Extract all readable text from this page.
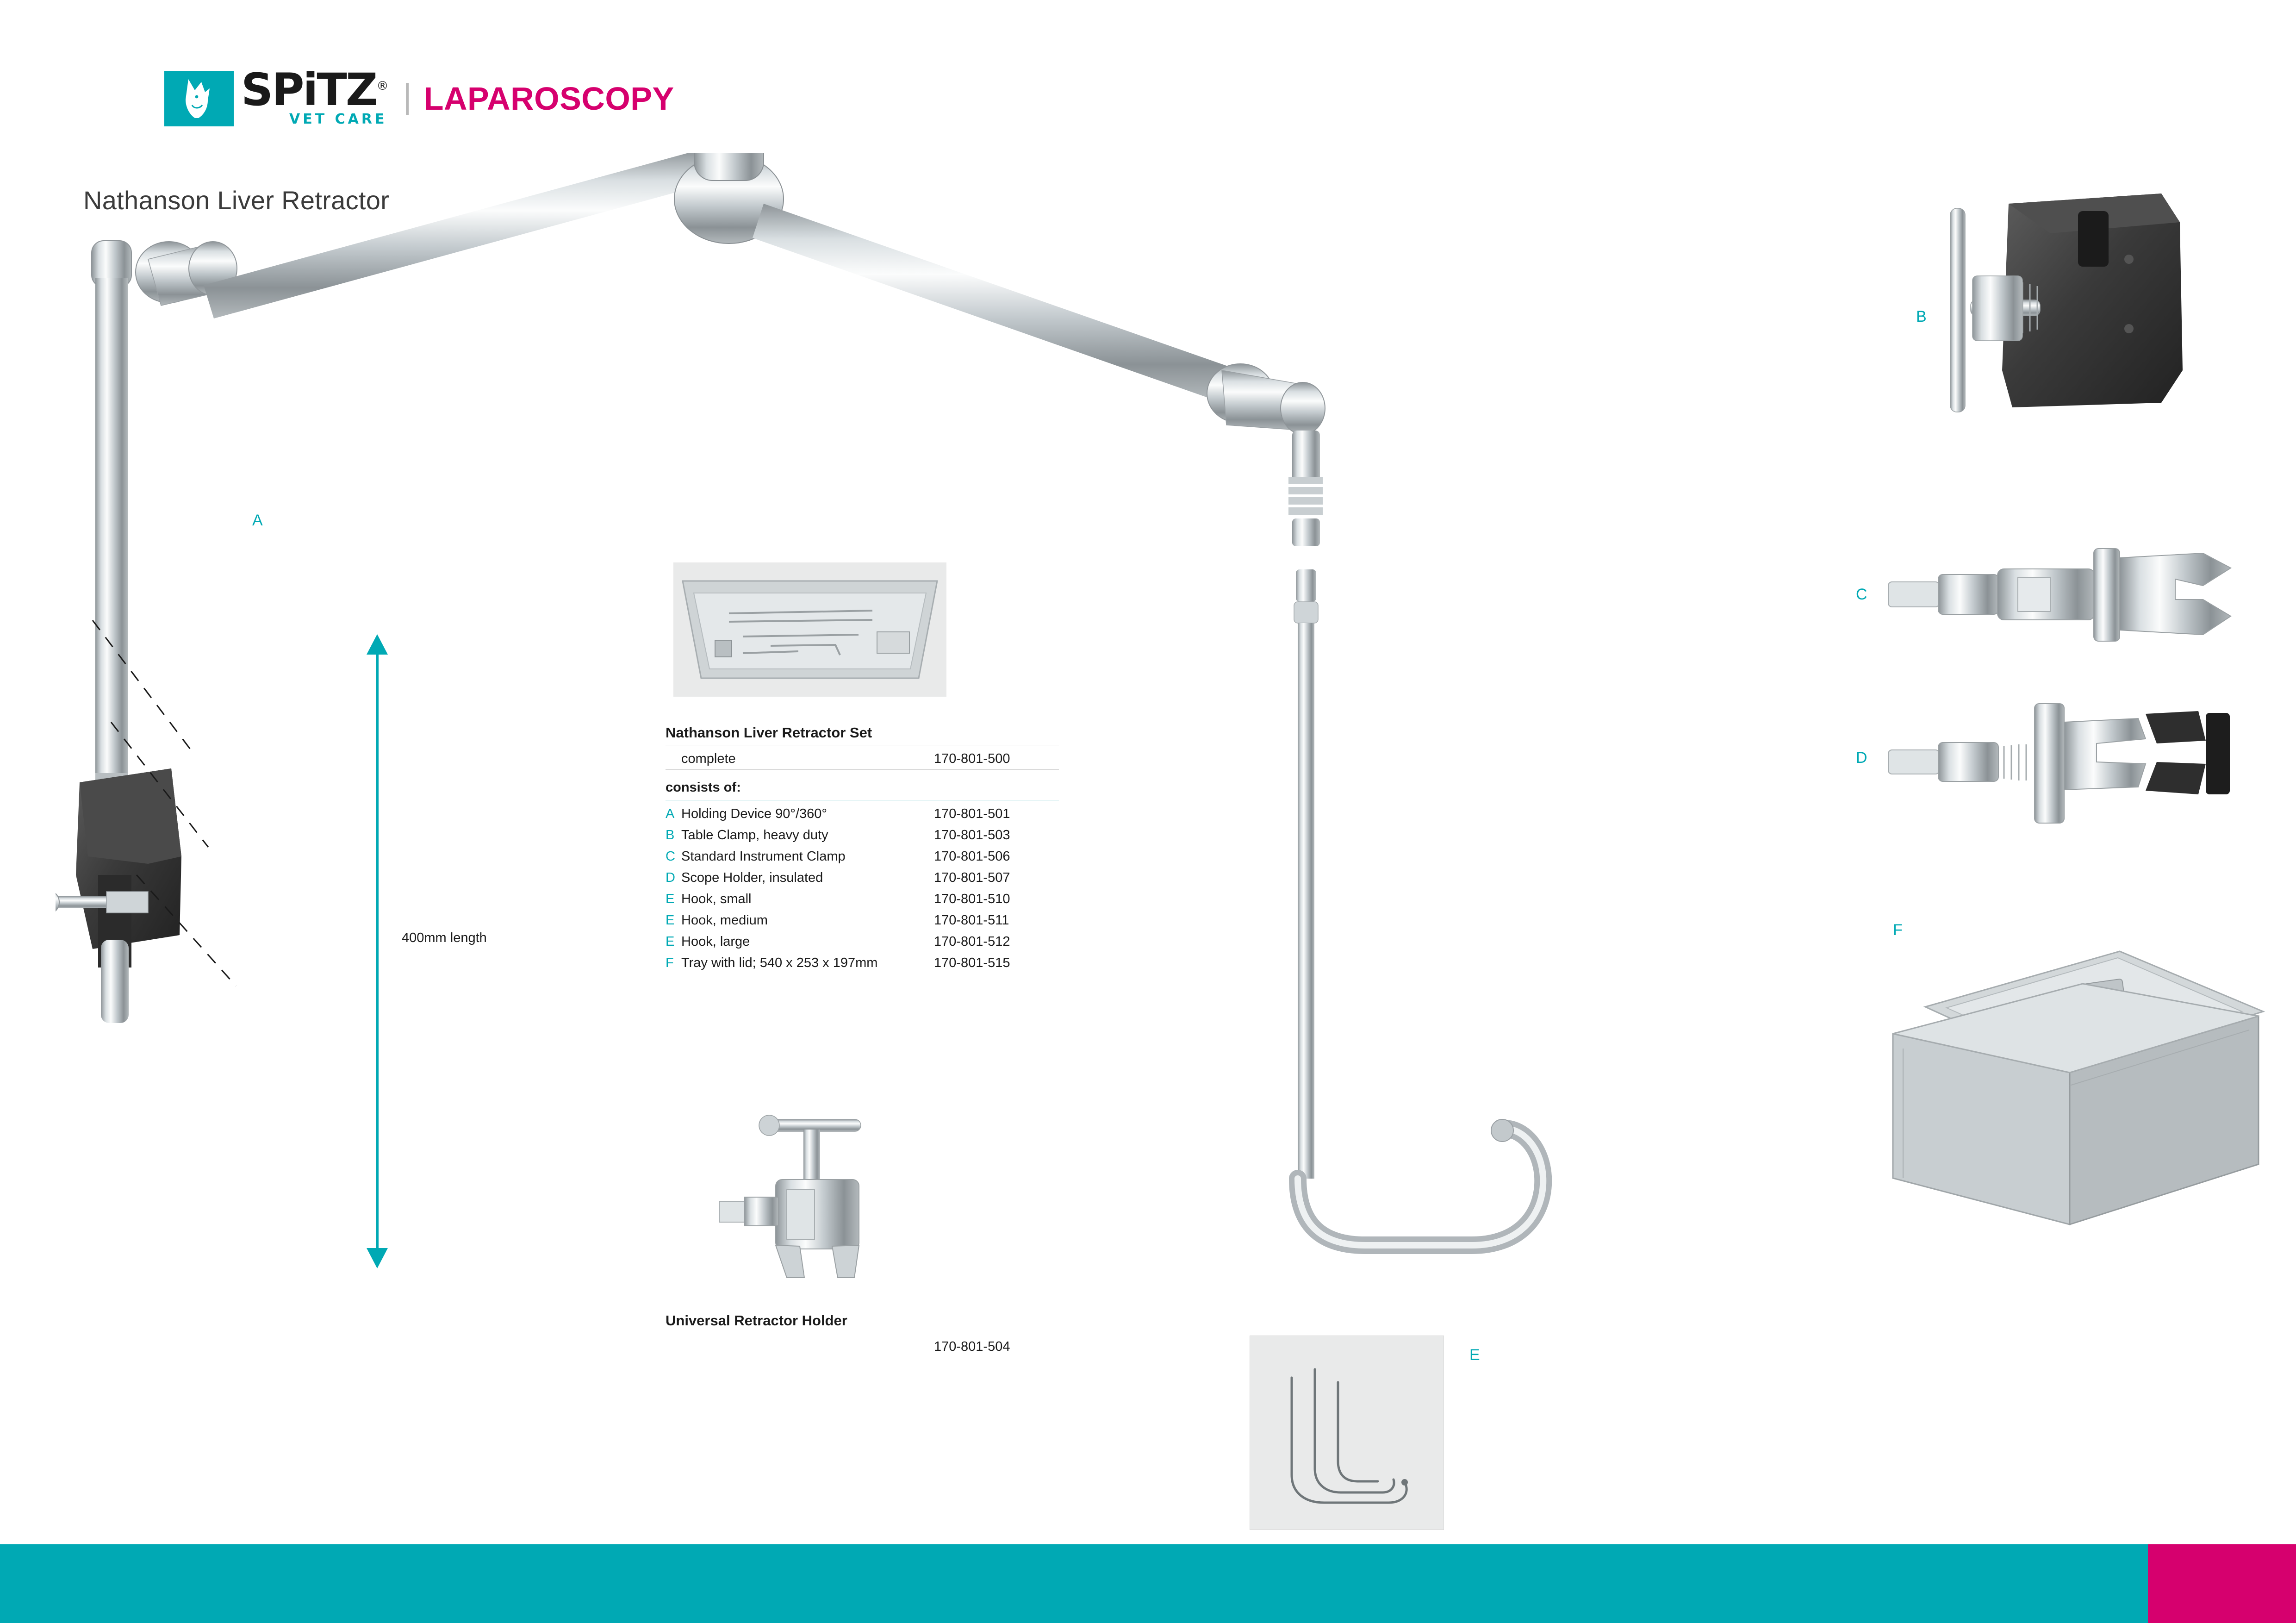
SPiTZ®
VET CARE
| LAPAROSCOPY
Nathanson Liver Retractor
A
400mm length
E
Nathanson Liver Retractor Set
complete	170-801-500
consists of:
A Holding Device 90°/360°	170-801-501
B Table Clamp, heavy duty	170-801-503
C Standard Instrument Clamp	170-801-506
D Scope Holder, insulated	170-801-507
E Hook, small	170-801-510
E Hook, medium	170-801-511
E Hook, large	170-801-512
F Tray with lid; 540 x 253 x 197mm	170-801-515
Universal Retractor Holder
170-801-504
B
C
D
F
